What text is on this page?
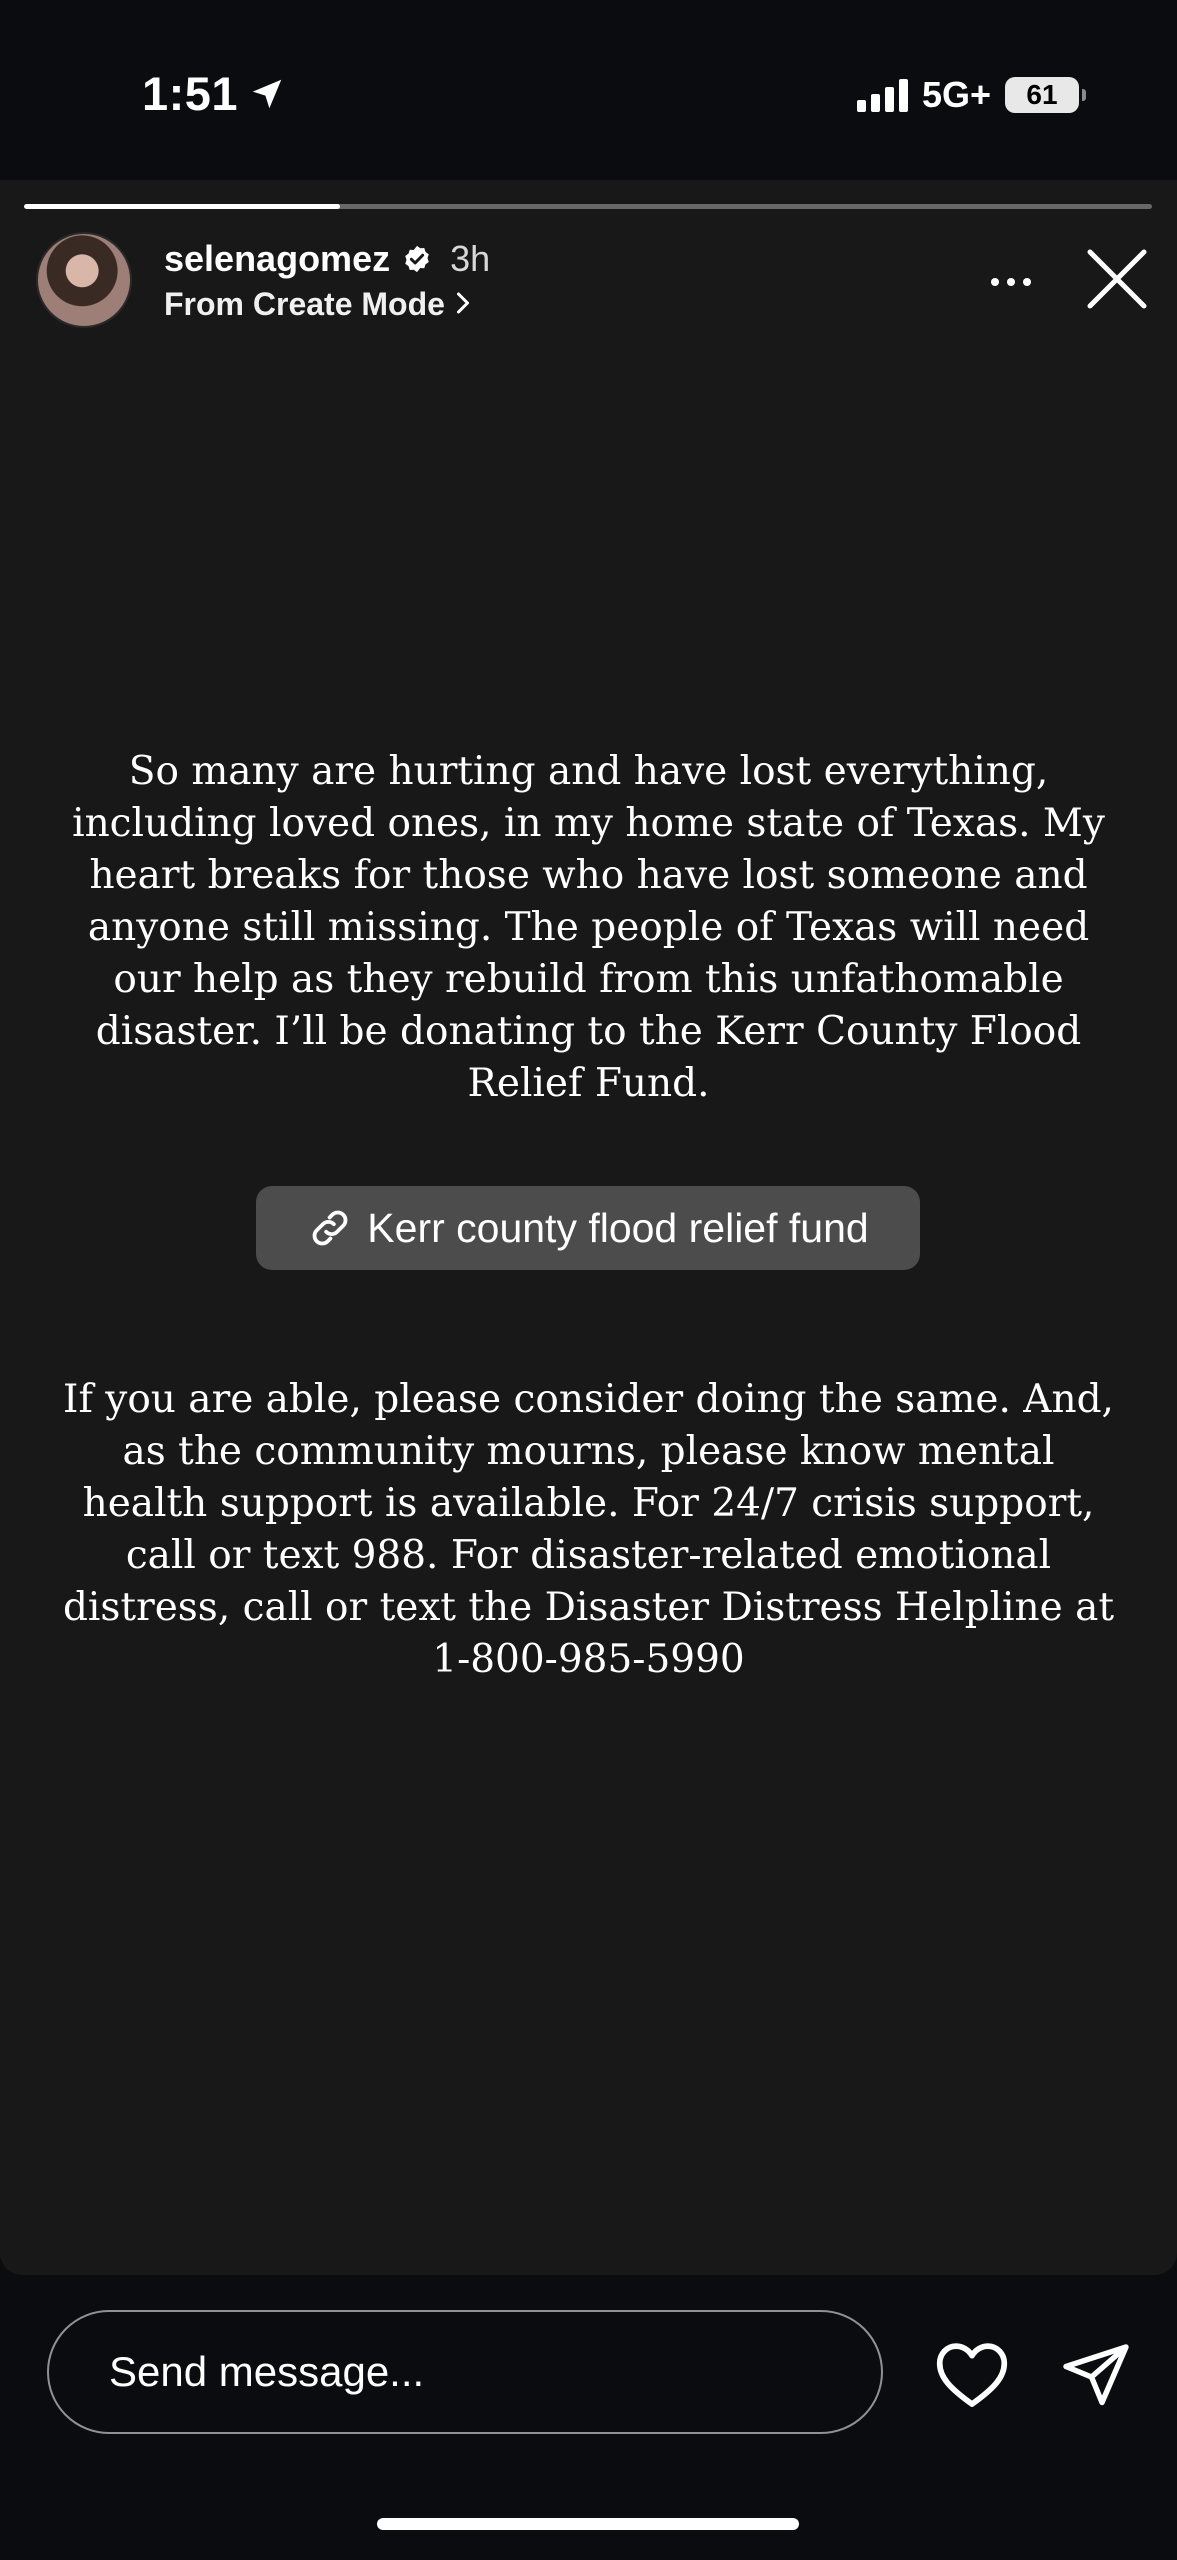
1:51	5G+ 61
selenagomez 3h
From Create Mode
So many are hurting and have lost everything, including loved ones, in my home state of Texas. My heart breaks for those who have lost someone and anyone still missing. The people of Texas will need our help as they rebuild from this unfathomable disaster. I’ll be donating to the Kerr County Flood Relief Fund.
Kerr county flood relief fund
If you are able, please consider doing the same. And, as the community mourns, please know mental health support is available. For 24/7 crisis support, call or text 988. For disaster-related emotional distress, call or text the Disaster Distress Helpline at 1-800-985-5990
Send message...
